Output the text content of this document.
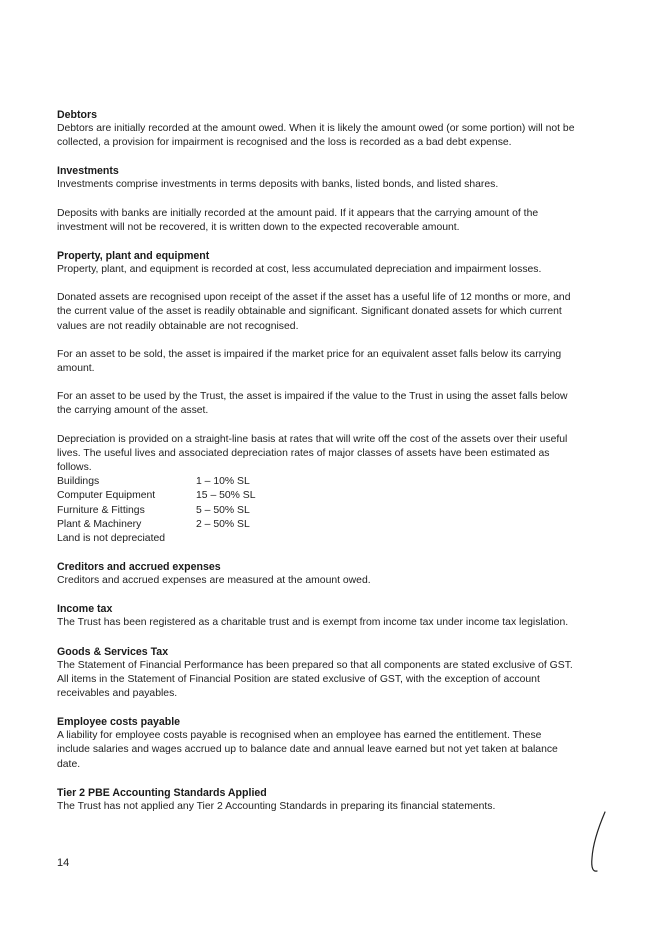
Debtors

Debtors are initially recorded at the amount owed. When it is likely the amount owed (or some portion) will not be collected, a provision for impairment is recognised and the loss is recorded as a bad debt expense.

Investments

Investments comprise investments in terms deposits with banks, listed bonds, and listed shares.

Deposits with banks are initially recorded at the amount paid. If it appears that the carrying amount of the investment will not be recovered, it is written down to the expected recoverable amount.

Property, plant and equipment

Property, plant, and equipment is recorded at cost, less accumulated depreciation and impairment losses.

Donated assets are recognised upon receipt of the asset if the asset has a useful life of 12 months or more, and the current value of the asset is readily obtainable and significant. Significant donated assets for which current values are not readily obtainable are not recognised.

For an asset to be sold, the asset is impaired if the market price for an equivalent asset falls below its carrying amount.

For an asset to be used by the Trust, the asset is impaired if the value to the Trust in using the asset falls below the carrying amount of the asset.

Depreciation is provided on a straight-line basis at rates that will write off the cost of the assets over their useful lives. The useful lives and associated depreciation rates of major classes of assets have been estimated as follows.

Buildings	1 – 10% SL
Computer Equipment	15 – 50% SL
Furniture & Fittings	5 – 50% SL
Plant & Machinery	2 – 50% SL
Land is not depreciated
Creditors and accrued expenses

Creditors and accrued expenses are measured at the amount owed.

Income tax

The Trust has been registered as a charitable trust and is exempt from income tax under income tax legislation.

Goods & Services Tax

The Statement of Financial Performance has been prepared so that all components are stated exclusive of GST. All items in the Statement of Financial Position are stated exclusive of GST, with the exception of account receivables and payables.

Employee costs payable

A liability for employee costs payable is recognised when an employee has earned the entitlement. These include salaries and wages accrued up to balance date and annual leave earned but not yet taken at balance date.

Tier 2 PBE Accounting Standards Applied

The Trust has not applied any Tier 2 Accounting Standards in preparing its financial statements.

14
